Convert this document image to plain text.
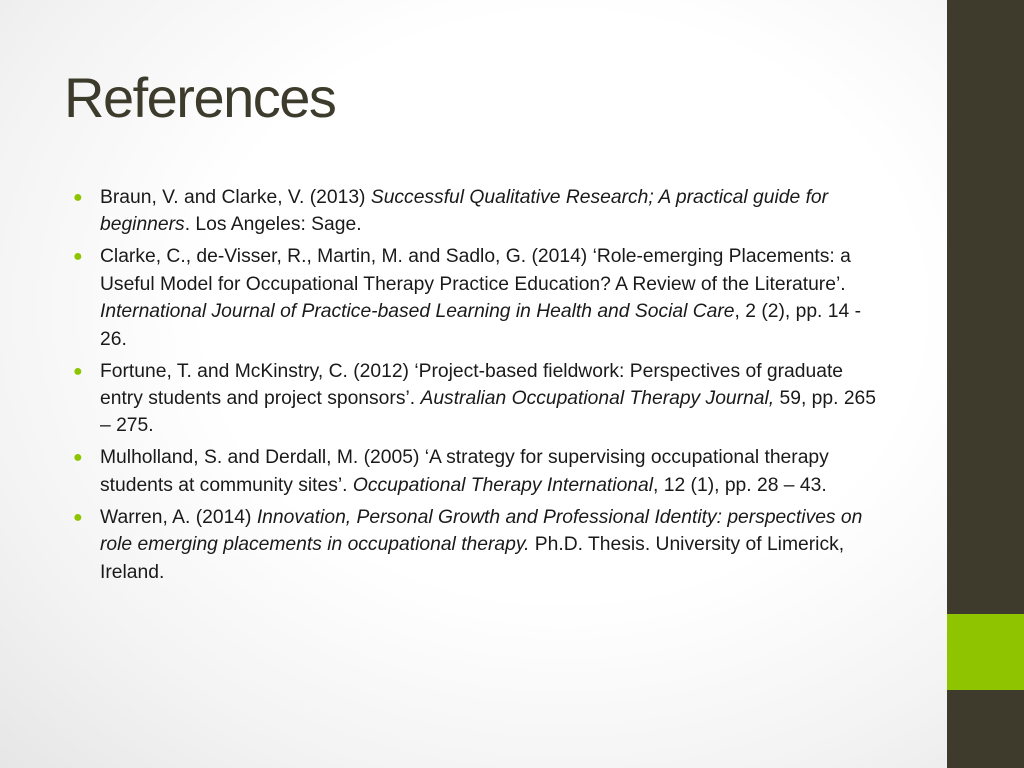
References
● Braun, V. and Clarke, V. (2013) Successful Qualitative Research; A practical guide for beginners. Los Angeles: Sage.
● Clarke, C., de-Visser, R., Martin, M. and Sadlo, G. (2014) ‘Role-emerging Placements: a Useful Model for Occupational Therapy Practice Education? A Review of the Literature’. International Journal of Practice-based Learning in Health and Social Care, 2 (2), pp. 14 - 26.
● Fortune, T. and McKinstry, C. (2012) ‘Project-based fieldwork: Perspectives of graduate entry students and project sponsors’. Australian Occupational Therapy Journal, 59, pp. 265 – 275.
● Mulholland, S. and Derdall, M. (2005) ‘A strategy for supervising occupational therapy students at community sites’. Occupational Therapy International, 12 (1), pp. 28 – 43.
● Warren, A. (2014) Innovation, Personal Growth and Professional Identity: perspectives on role emerging placements in occupational therapy. Ph.D. Thesis. University of Limerick, Ireland.
